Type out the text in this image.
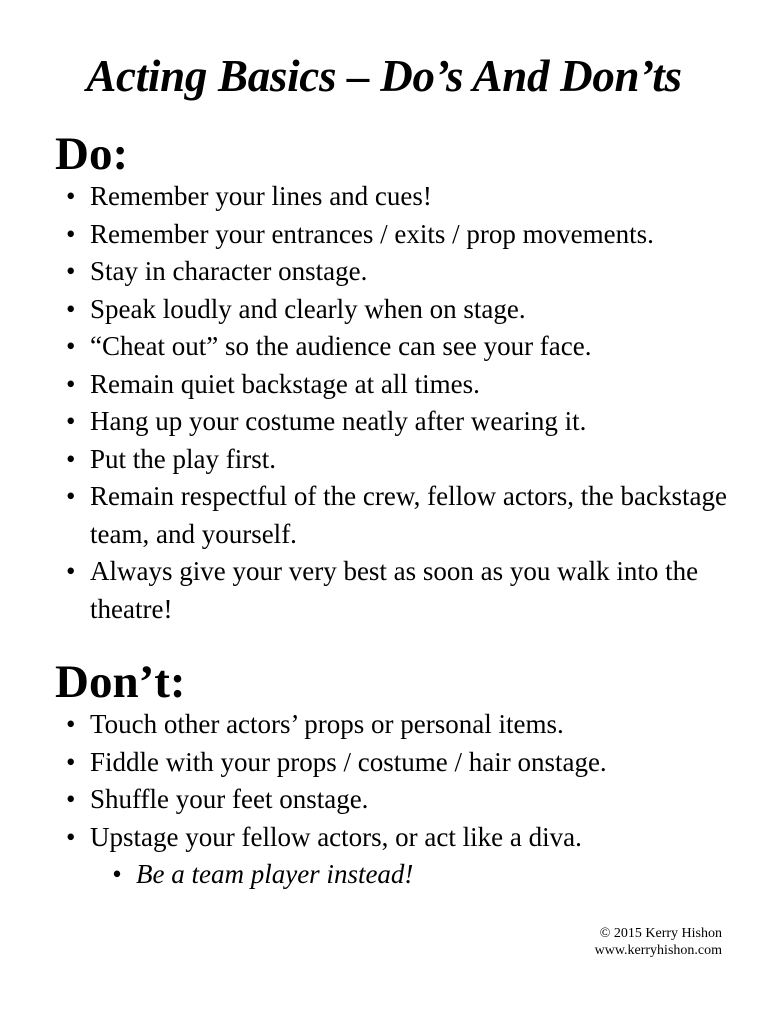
Acting Basics – Do’s And Don’ts
Do:
• Remember your lines and cues!
• Remember your entrances / exits / prop movements.
• Stay in character onstage.
• Speak loudly and clearly when on stage.
• “Cheat out” so the audience can see your face.
• Remain quiet backstage at all times.
• Hang up your costume neatly after wearing it.
• Put the play first.
• Remain respectful of the crew, fellow actors, the backstage team, and yourself.
• Always give your very best as soon as you walk into the theatre!
Don’t:
• Touch other actors’ props or personal items.
• Fiddle with your props / costume / hair onstage.
• Shuffle your feet onstage.
• Upstage your fellow actors, or act like a diva.
• Be a team player instead!
© 2015 Kerry Hishon
www.kerryhishon.com
